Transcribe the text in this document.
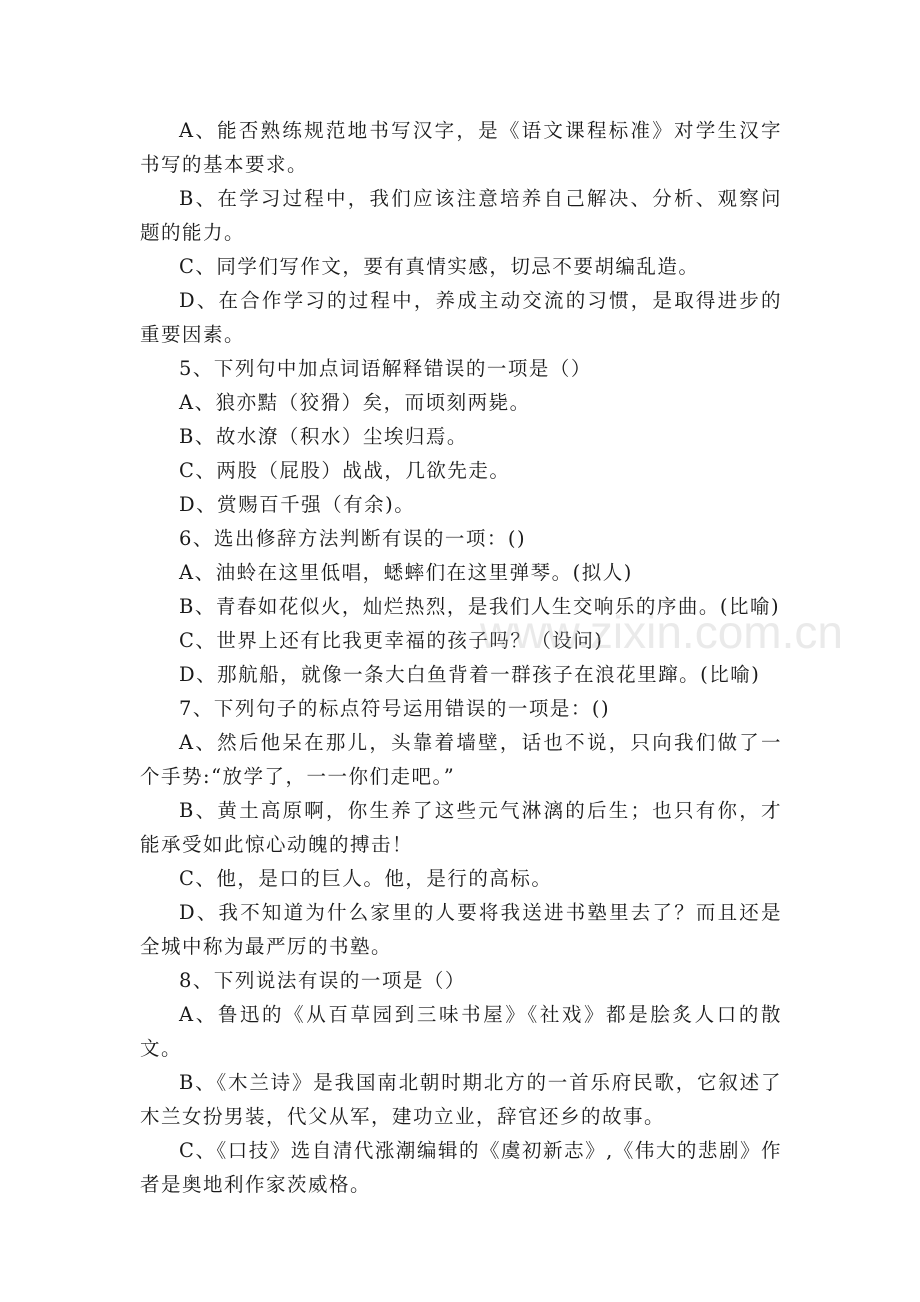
A、能否熟练规范地书写汉字，是《语文课程标准》对学生汉字书写的基本要求。

B、在学习过程中，我们应该注意培养自己解决、分析、观察问题的能力。

C、同学们写作文，要有真情实感，切忌不要胡编乱造。

D、在合作学习的过程中，养成主动交流的习惯，是取得进步的重要因素。

5、下列句中加点词语解释错误的一项是（）

A、狼亦黠（狡猾）矣，而顷刻两毙。

B、故水潦（积水）尘埃归焉。

C、两股（屁股）战战，几欲先走。

D、赏赐百千强（有余)。

6、选出修辞方法判断有误的一项：()

A、油蛉在这里低唱，蟋蟀们在这里弹琴。(拟人)

B、青春如花似火，灿烂热烈，是我们人生交响乐的序曲。(比喻)

C、世界上还有比我更幸福的孩子吗？（设问)

D、那航船，就像一条大白鱼背着一群孩子在浪花里蹿。(比喻)

7、下列句子的标点符号运用错误的一项是：()

A、然后他呆在那儿，头靠着墙壁，话也不说，只向我们做了一个手势:“放学了，一一你们走吧。”

B、黄土高原啊，你生养了这些元气淋漓的后生；也只有你，才能承受如此惊心动魄的搏击！

C、他，是口的巨人。他，是行的高标。

D、我不知道为什么家里的人要将我送进书塾里去了？而且还是全城中称为最严厉的书塾。

8、下列说法有误的一项是（）

A、鲁迅的《从百草园到三味书屋》《社戏》都是脍炙人口的散文。

B、《木兰诗》是我国南北朝时期北方的一首乐府民歌，它叙述了木兰女扮男装，代父从军，建功立业，辞官还乡的故事。

C、《口技》选自清代涨潮编辑的《虞初新志》,《伟大的悲剧》作者是奥地利作家茨威格。

www.zixin.com.cn
